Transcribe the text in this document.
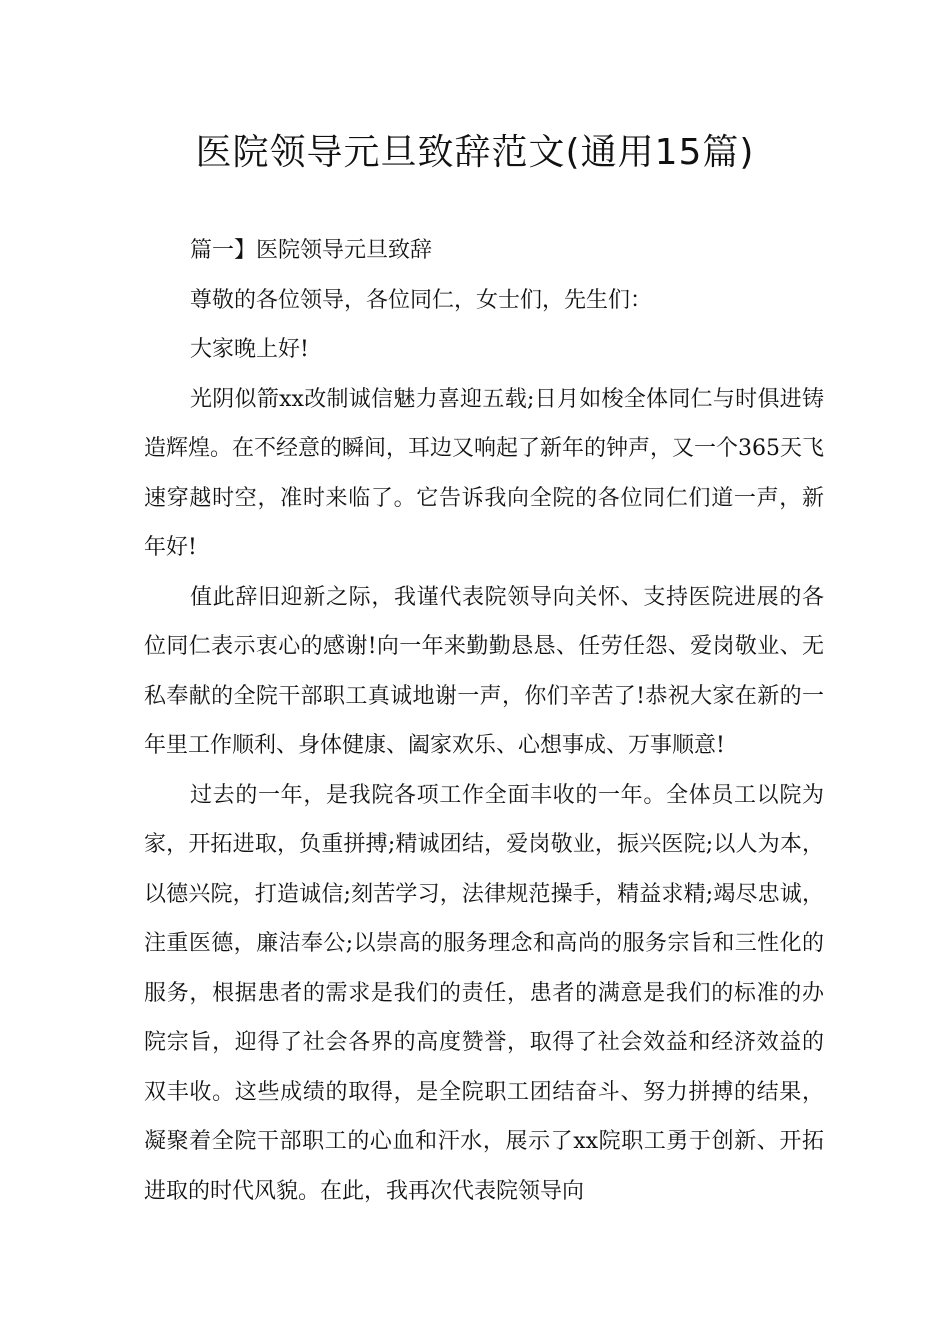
医院领导元旦致辞范文(通用15篇)

篇一】医院领导元旦致辞

尊敬的各位领导，各位同仁，女士们，先生们：

大家晚上好!

光阴似箭xx改制诚信魅力喜迎五载;日月如梭全体同仁与时俱进铸造辉煌。在不经意的瞬间，耳边又响起了新年的钟声，又一个365天飞速穿越时空，准时来临了。它告诉我向全院的各位同仁们道一声，新年好!

值此辞旧迎新之际，我谨代表院领导向关怀、支持医院进展的各位同仁表示衷心的感谢!向一年来勤勤恳恳、任劳任怨、爱岗敬业、无私奉献的全院干部职工真诚地谢一声，你们辛苦了!恭祝大家在新的一年里工作顺利、身体健康、阖家欢乐、心想事成、万事顺意!

过去的一年，是我院各项工作全面丰收的一年。全体员工以院为家，开拓进取，负重拼搏;精诚团结，爱岗敬业，振兴医院;以人为本，以德兴院，打造诚信;刻苦学习，法律规范操手，精益求精;竭尽忠诚，注重医德，廉洁奉公;以崇高的服务理念和高尚的服务宗旨和三性化的服务，根据患者的需求是我们的责任，患者的满意是我们的标准的办院宗旨，迎得了社会各界的高度赞誉，取得了社会效益和经济效益的双丰收。这些成绩的取得，是全院职工团结奋斗、努力拼搏的结果，凝聚着全院干部职工的心血和汗水，展示了xx院职工勇于创新、开拓进取的时代风貌。在此，我再次代表院领导向
